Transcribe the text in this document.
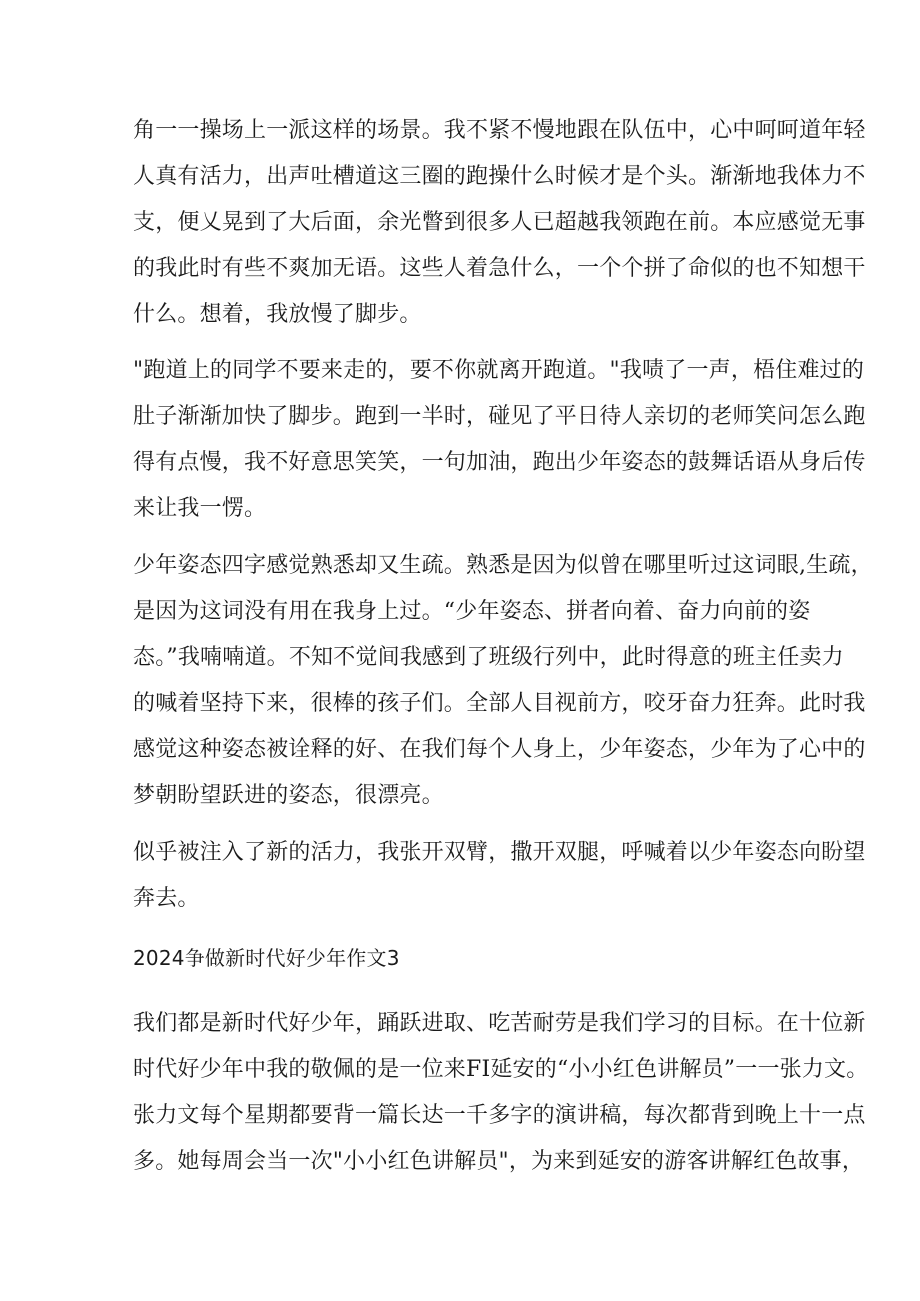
角一一操场上一派这样的场景。我不紧不慢地跟在队伍中，心中呵呵道年轻
人真有活力，出声吐槽道这三圈的跑操什么时候才是个头。渐渐地我体力不
支，便乂晃到了大后面，余光瞥到很多人已超越我领跑在前。本应感觉无事
的我此时有些不爽加无语。这些人着急什么，一个个拼了命似的也不知想干
什么。想着，我放慢了脚步。
"跑道上的同学不要来走的，要不你就离开跑道。"我啧了一声，梧住难过的
肚子渐渐加快了脚步。跑到一半时，碰见了平日待人亲切的老师笑问怎么跑
得有点慢，我不好意思笑笑，一句加油，跑出少年姿态的鼓舞话语从身后传
来让我一愣。
少年姿态四字感觉熟悉却又生疏。熟悉是因为似曾在哪里听过这词眼,生疏，
是因为这词没有用在我身上过。“少年姿态、拼者向着、奋力向前的姿
态。”我喃喃道。不知不觉间我感到了班级行列中，此时得意的班主任卖力
的喊着坚持下来，很棒的孩子们。全部人目视前方，咬牙奋力狂奔。此时我
感觉这种姿态被诠释的好、在我们每个人身上，少年姿态，少年为了心中的
梦朝盼望跃进的姿态，很漂亮。
似乎被注入了新的活力，我张开双臂，撒开双腿，呼喊着以少年姿态向盼望
奔去。
2024争做新时代好少年作文3
我们都是新时代好少年，踊跃进取、吃苦耐劳是我们学习的目标。在十位新
时代好少年中我的敬佩的是一位来FI延安的“小小红色讲解员”一一张力文。
张力文每个星期都要背一篇长达一千多字的演讲稿，每次都背到晚上十一点
多。她每周会当一次"小小红色讲解员"，为来到延安的游客讲解红色故事，
